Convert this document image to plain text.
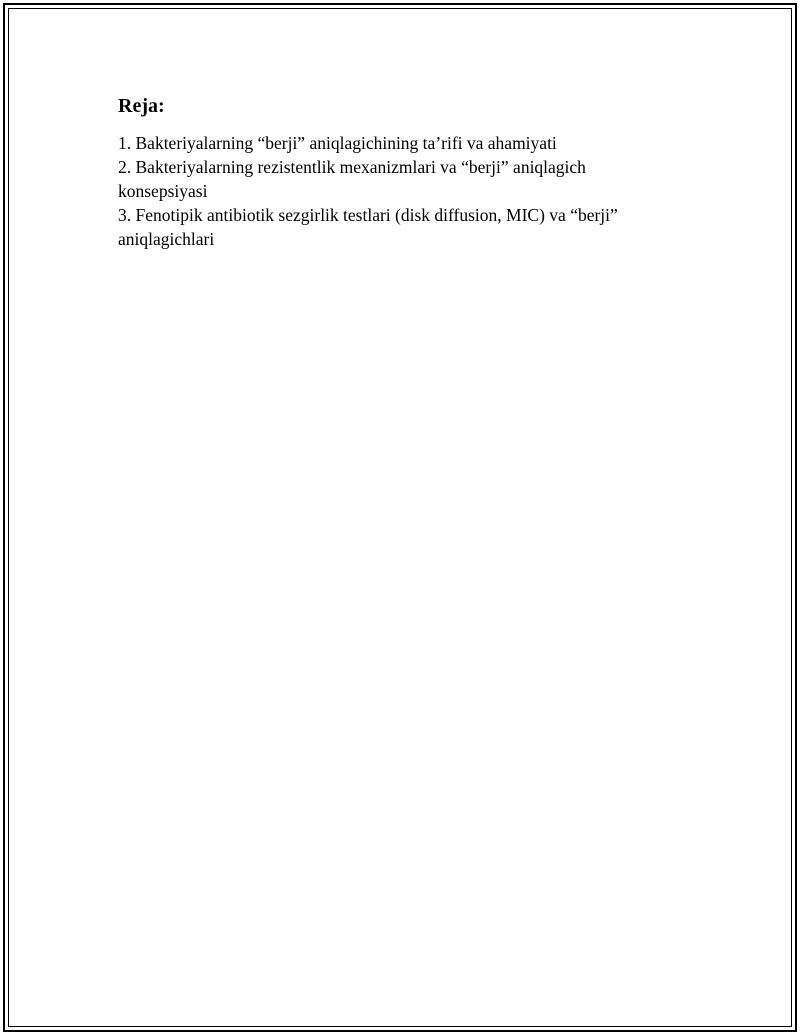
Reja:
1. Bakteriyalarning “berji” aniqlagichining ta’rifi va ahamiyati
2. Bakteriyalarning rezistentlik mexanizmlari va “berji” aniqlagich konsepsiyasi
3. Fenotipik antibiotik sezgirlik testlari (disk diffusion, MIC) va “berji” aniqlagichlari
